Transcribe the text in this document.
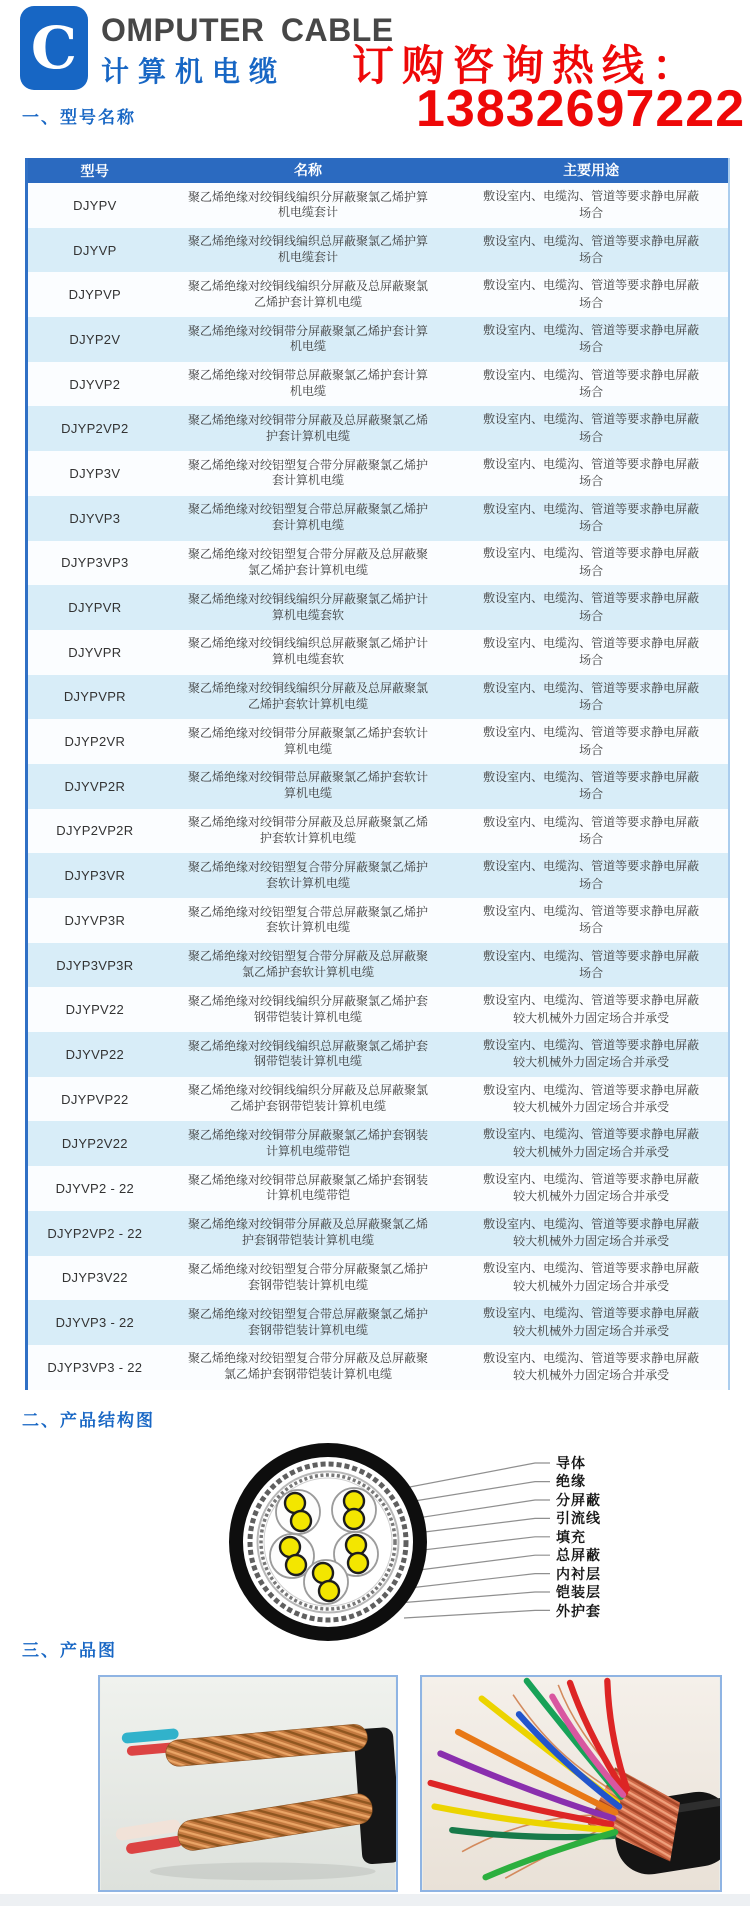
C OMPUTER CABLE
计算机电缆 订购咨询热线：
13832697222
一、型号名称
型号	名称	主要用途
DJYPV
聚乙烯绝缘对绞铜线编织分屏蔽聚氯乙烯护算机电缆套计
敷设室内、电缆沟、管道等要求静电屏蔽场合
DJYVP
聚乙烯绝缘对绞铜线编织总屏蔽聚氯乙烯护算机电缆套计
敷设室内、电缆沟、管道等要求静电屏蔽场合
DJYPVP
聚乙烯绝缘对绞铜线编织分屏蔽及总屏蔽聚氯乙烯护套计算机电缆
敷设室内、电缆沟、管道等要求静电屏蔽场合
DJYP2V
聚乙烯绝缘对绞铜带分屏蔽聚氯乙烯护套计算机电缆
敷设室内、电缆沟、管道等要求静电屏蔽场合
DJYVP2
聚乙烯绝缘对绞铜带总屏蔽聚氯乙烯护套计算机电缆
敷设室内、电缆沟、管道等要求静电屏蔽场合
DJYP2VP2
聚乙烯绝缘对绞铜带分屏蔽及总屏蔽聚氯乙烯护套计算机电缆
敷设室内、电缆沟、管道等要求静电屏蔽场合
DJYP3V
聚乙烯绝缘对绞铝塑复合带分屏蔽聚氯乙烯护套计算机电缆
敷设室内、电缆沟、管道等要求静电屏蔽场合
DJYVP3
聚乙烯绝缘对绞铝塑复合带总屏蔽聚氯乙烯护套计算机电缆
敷设室内、电缆沟、管道等要求静电屏蔽场合
DJYP3VP3
聚乙烯绝缘对绞铝塑复合带分屏蔽及总屏蔽聚氯乙烯护套计算机电缆
敷设室内、电缆沟、管道等要求静电屏蔽场合
DJYPVR
聚乙烯绝缘对绞铜线编织分屏蔽聚氯乙烯护计算机电缆套软
敷设室内、电缆沟、管道等要求静电屏蔽场合
DJYVPR
聚乙烯绝缘对绞铜线编织总屏蔽聚氯乙烯护计算机电缆套软
敷设室内、电缆沟、管道等要求静电屏蔽场合
DJYPVPR
聚乙烯绝缘对绞铜线编织分屏蔽及总屏蔽聚氯乙烯护套软计算机电缆
敷设室内、电缆沟、管道等要求静电屏蔽场合
DJYP2VR
聚乙烯绝缘对绞铜带分屏蔽聚氯乙烯护套软计算机电缆
敷设室内、电缆沟、管道等要求静电屏蔽场合
DJYVP2R
聚乙烯绝缘对绞铜带总屏蔽聚氯乙烯护套软计算机电缆
敷设室内、电缆沟、管道等要求静电屏蔽场合
DJYP2VP2R
聚乙烯绝缘对绞铜带分屏蔽及总屏蔽聚氯乙烯护套软计算机电缆
敷设室内、电缆沟、管道等要求静电屏蔽场合
DJYP3VR
聚乙烯绝缘对绞铝塑复合带分屏蔽聚氯乙烯护套软计算机电缆
敷设室内、电缆沟、管道等要求静电屏蔽场合
DJYVP3R
聚乙烯绝缘对绞铝塑复合带总屏蔽聚氯乙烯护套软计算机电缆
敷设室内、电缆沟、管道等要求静电屏蔽场合
DJYP3VP3R
聚乙烯绝缘对绞铝塑复合带分屏蔽及总屏蔽聚氯乙烯护套软计算机电缆
敷设室内、电缆沟、管道等要求静电屏蔽场合
DJYPV22
聚乙烯绝缘对绞铜线编织分屏蔽聚氯乙烯护套钢带铠装计算机电缆
敷设室内、电缆沟、管道等要求静电屏蔽较大机械外力固定场合并承受
DJYVP22
聚乙烯绝缘对绞铜线编织总屏蔽聚氯乙烯护套钢带铠装计算机电缆
敷设室内、电缆沟、管道等要求静电屏蔽较大机械外力固定场合并承受
DJYPVP22
聚乙烯绝缘对绞铜线编织分屏蔽及总屏蔽聚氯乙烯护套钢带铠装计算机电缆
敷设室内、电缆沟、管道等要求静电屏蔽较大机械外力固定场合并承受
DJYP2V22
聚乙烯绝缘对绞铜带分屏蔽聚氯乙烯护套钢装计算机电缆带铠
敷设室内、电缆沟、管道等要求静电屏蔽较大机械外力固定场合并承受
DJYVP2 - 22
聚乙烯绝缘对绞铜带总屏蔽聚氯乙烯护套钢装计算机电缆带铠
敷设室内、电缆沟、管道等要求静电屏蔽较大机械外力固定场合并承受
DJYP2VP2 - 22
聚乙烯绝缘对绞铜带分屏蔽及总屏蔽聚氯乙烯护套钢带铠装计算机电缆
敷设室内、电缆沟、管道等要求静电屏蔽较大机械外力固定场合并承受
DJYP3V22
聚乙烯绝缘对绞铝塑复合带分屏蔽聚氯乙烯护套钢带铠装计算机电缆
敷设室内、电缆沟、管道等要求静电屏蔽较大机械外力固定场合并承受
DJYVP3 - 22
聚乙烯绝缘对绞铝塑复合带总屏蔽聚氯乙烯护套钢带铠装计算机电缆
敷设室内、电缆沟、管道等要求静电屏蔽较大机械外力固定场合并承受
DJYP3VP3 - 22
聚乙烯绝缘对绞铝塑复合带分屏蔽及总屏蔽聚氯乙烯护套钢带铠装计算机电缆
敷设室内、电缆沟、管道等要求静电屏蔽较大机械外力固定场合并承受
二、产品结构图
导体
绝缘
分屏蔽
引流线
填充
总屏蔽
内衬层
铠装层
外护套
三、产品图
